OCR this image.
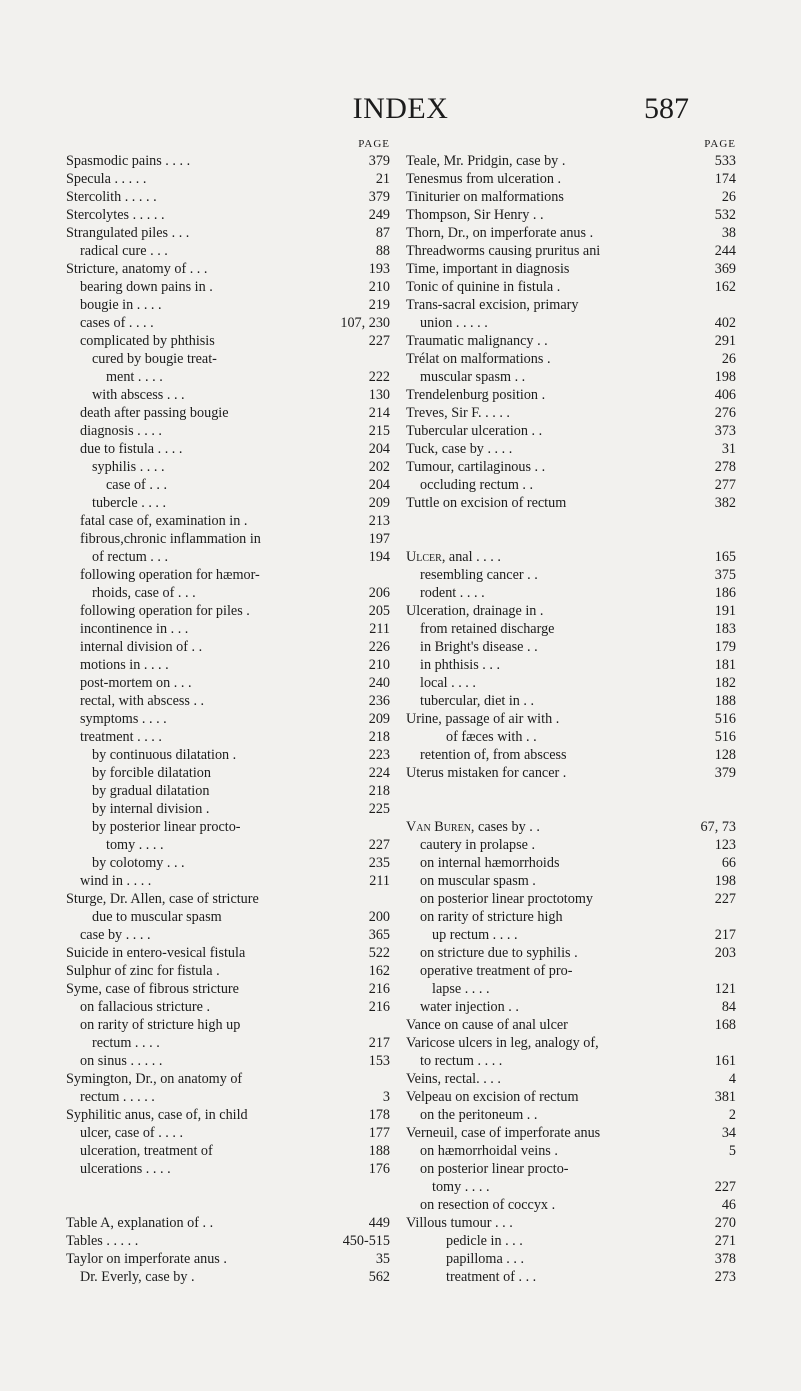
INDEX	587
PAGE
Spasmodic pains . . . .	379
Specula . . . . .	21
Stercolith . . . . .	379
Stercolytes . . . . .	249
Strangulated piles . . .	87
radical cure . . .	88
Stricture, anatomy of . . .	193
bearing down pains in .	210
bougie in . . . .	219
cases of . . . .	107, 230
complicated by phthisis	227
cured by bougie treat-
ment . . . .	222
with abscess . . .	130
death after passing bougie	214
diagnosis . . . .	215
due to fistula . . . .	204
syphilis . . . .	202
case of . . .	204
tubercle . . . .	209
fatal case of, examination in .	213
fibrous,chronic inflammation in	197
of rectum . . .	194
following operation for hæmor-
rhoids, case of . . .	206
following operation for piles .	205
incontinence in . . .	211
internal division of . .	226
motions in . . . .	210
post-mortem on . . .	240
rectal, with abscess . .	236
symptoms . . . .	209
treatment . . . .	218
by continuous dilatation .	223
by forcible dilatation	224
by gradual dilatation	218
by internal division .	225
by posterior linear procto-
tomy . . . .	227
by colotomy . . .	235
wind in . . . .	211
Sturge, Dr. Allen, case of stricture
due to muscular spasm	200
case by . . . .	365
Suicide in entero-vesical fistula	522
Sulphur of zinc for fistula .	162
Syme, case of fibrous stricture	216
on fallacious stricture .	216
on rarity of stricture high up
rectum . . . .	217
on sinus . . . . .	153
Symington, Dr., on anatomy of
rectum . . . . .	3
Syphilitic anus, case of, in child	178
ulcer, case of . . . .	177
ulceration, treatment of	188
ulcerations . . . .	176
Table A, explanation of . .	449
Tables . . . . .	450-515
Taylor on imperforate anus .	35
Dr. Everly, case by .	562
PAGE
Teale, Mr. Pridgin, case by .	533
Tenesmus from ulceration .	174
Tiniturier on malformations	26
Thompson, Sir Henry . .	532
Thorn, Dr., on imperforate anus .	38
Threadworms causing pruritus ani	244
Time, important in diagnosis	369
Tonic of quinine in fistula .	162
Trans-sacral excision, primary
union . . . . .	402
Traumatic malignancy . .	291
Trélat on malformations .	26
muscular spasm . .	198
Trendelenburg position .	406
Treves, Sir F. . . . .	276
Tubercular ulceration . .	373
Tuck, case by . . . .	31
Tumour, cartilaginous . .	278
occluding rectum . .	277
Tuttle on excision of rectum	382
Ulcer, anal . . . .	165
resembling cancer . .	375
rodent . . . .	186
Ulceration, drainage in .	191
from retained discharge	183
in Bright's disease . .	179
in phthisis . . .	181
local . . . .	182
tubercular, diet in . .	188
Urine, passage of air with .	516
of fæces with . .	516
retention of, from abscess	128
Uterus mistaken for cancer .	379
Van Buren, cases by . .	67, 73
cautery in prolapse .	123
on internal hæmorrhoids	66
on muscular spasm .	198
on posterior linear proctotomy	227
on rarity of stricture high
up rectum . . . .	217
on stricture due to syphilis .	203
operative treatment of pro-
lapse . . . .	121
water injection . .	84
Vance on cause of anal ulcer	168
Varicose ulcers in leg, analogy of,
to rectum . . . .	161
Veins, rectal. . . .	4
Velpeau on excision of rectum	381
on the peritoneum . .	2
Verneuil, case of imperforate anus	34
on hæmorrhoidal veins .	5
on posterior linear procto-
tomy . . . .	227
on resection of coccyx .	46
Villous tumour . . .	270
pedicle in . . .	271
papilloma . . .	378
treatment of . . .	273
